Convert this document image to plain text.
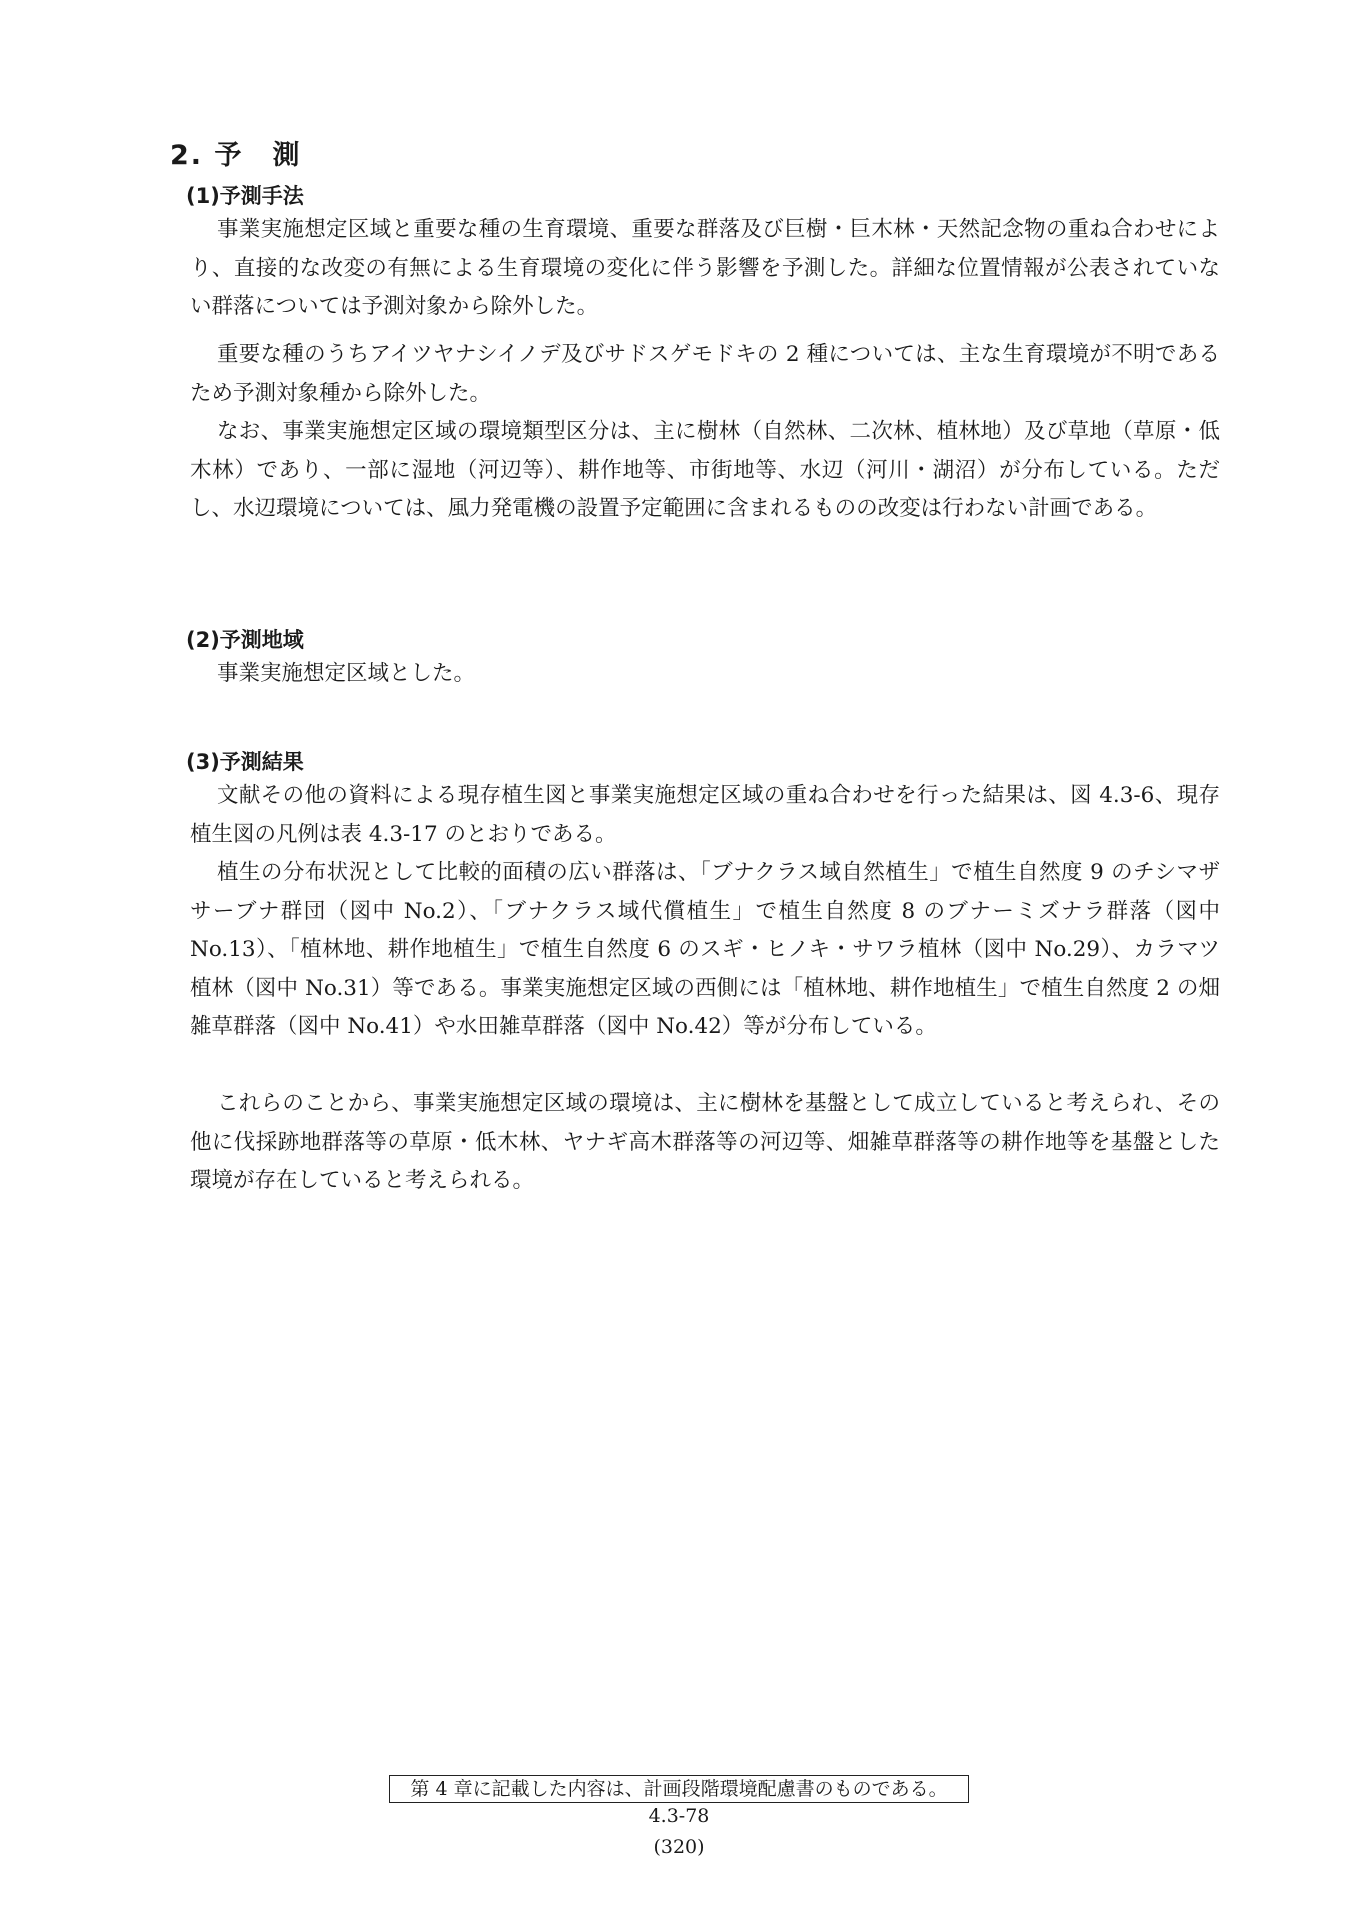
2. 予　測
(1)予測手法

事業実施想定区域と重要な種の生育環境、重要な群落及び巨樹・巨木林・天然記念物の重ね合わせにより、直接的な改変の有無による生育環境の変化に伴う影響を予測した。詳細な位置情報が公表されていない群落については予測対象から除外した。

重要な種のうちアイツヤナシイノデ及びサドスゲモドキの 2 種については、主な生育環境が不明であるため予測対象種から除外した。

なお、事業実施想定区域の環境類型区分は、主に樹林（自然林、二次林、植林地）及び草地（草原・低木林）であり、一部に湿地（河辺等）、耕作地等、市街地等、水辺（河川・湖沼）が分布している。ただし、水辺環境については、風力発電機の設置予定範囲に含まれるものの改変は行わない計画である。

(2)予測地域

事業実施想定区域とした。

(3)予測結果

文献その他の資料による現存植生図と事業実施想定区域の重ね合わせを行った結果は、図 4.3-6、現存植生図の凡例は表 4.3-17 のとおりである。

植生の分布状況として比較的面積の広い群落は、「ブナクラス域自然植生」で植生自然度 9 のチシマザサーブナ群団（図中 No.2）、「ブナクラス域代償植生」で植生自然度 8 のブナーミズナラ群落（図中 No.13）、「植林地、耕作地植生」で植生自然度 6 のスギ・ヒノキ・サワラ植林（図中 No.29）、カラマツ植林（図中 No.31）等である。事業実施想定区域の西側には「植林地、耕作地植生」で植生自然度 2 の畑雑草群落（図中 No.41）や水田雑草群落（図中 No.42）等が分布している。

これらのことから、事業実施想定区域の環境は、主に樹林を基盤として成立していると考えられ、その他に伐採跡地群落等の草原・低木林、ヤナギ高木群落等の河辺等、畑雑草群落等の耕作地等を基盤とした環境が存在していると考えられる。

第 4 章に記載した内容は、計画段階環境配慮書のものである。
4.3-78
(320)
